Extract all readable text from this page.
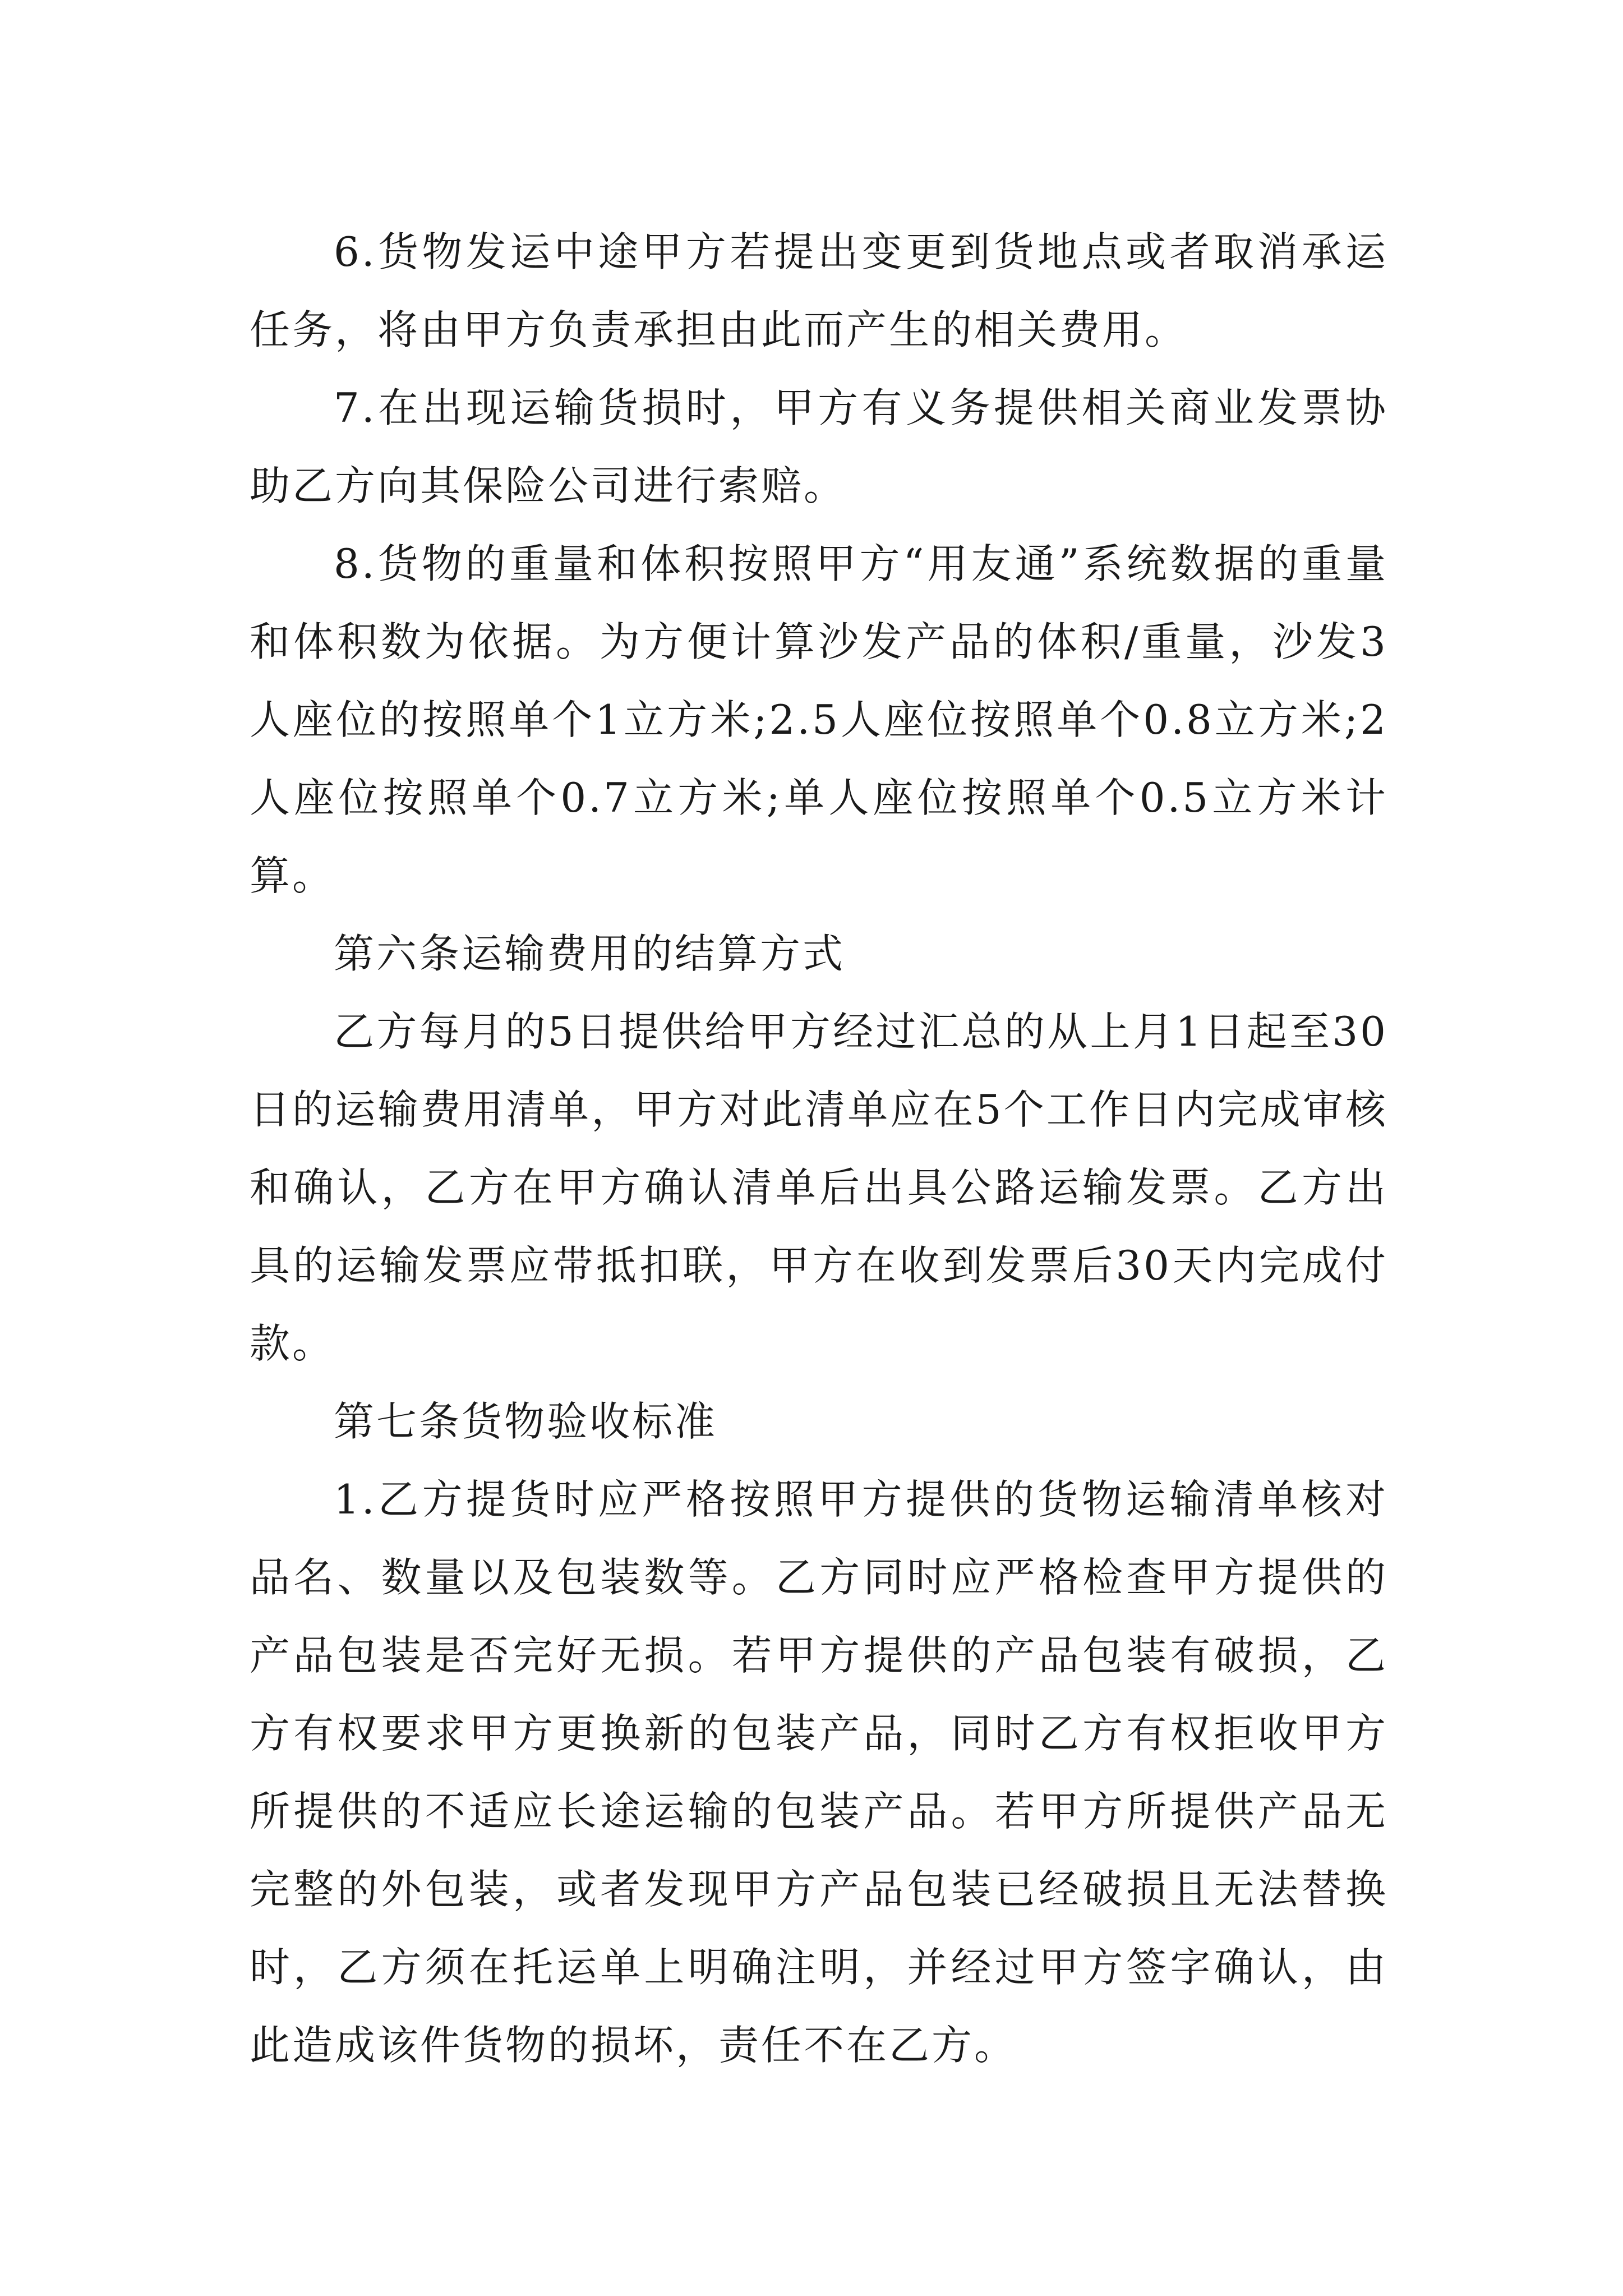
6.货物发运中途甲方若提出变更到货地点或者取消承运任务，将由甲方负责承担由此而产生的相关费用。

7.在出现运输货损时，甲方有义务提供相关商业发票协助乙方向其保险公司进行索赔。

8.货物的重量和体积按照甲方“用友通”系统数据的重量和体积数为依据。为方便计算沙发产品的体积/重量，沙发3人座位的按照单个1立方米;2.5人座位按照单个0.8立方米;2人座位按照单个0.7立方米;单人座位按照单个0.5立方米计算。

第六条运输费用的结算方式

乙方每月的5日提供给甲方经过汇总的从上月1日起至30日的运输费用清单，甲方对此清单应在5个工作日内完成审核和确认，乙方在甲方确认清单后出具公路运输发票。乙方出具的运输发票应带抵扣联，甲方在收到发票后30天内完成付款。

第七条货物验收标准

1.乙方提货时应严格按照甲方提供的货物运输清单核对品名、数量以及包装数等。乙方同时应严格检查甲方提供的产品包装是否完好无损。若甲方提供的产品包装有破损，乙方有权要求甲方更换新的包装产品，同时乙方有权拒收甲方所提供的不适应长途运输的包装产品。若甲方所提供产品无完整的外包装，或者发现甲方产品包装已经破损且无法替换时，乙方须在托运单上明确注明，并经过甲方签字确认，由此造成该件货物的损坏，责任不在乙方。
